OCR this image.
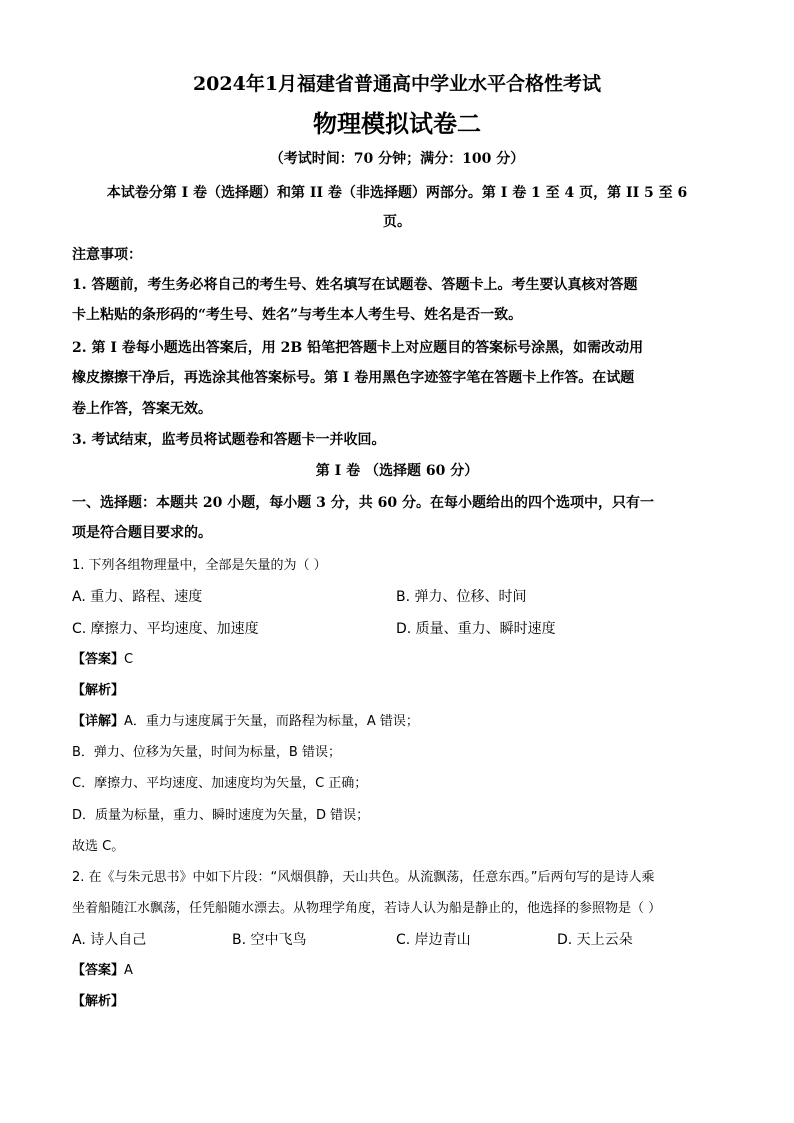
2024年1月福建省普通高中学业水平合格性考试
物理模拟试卷二
（考试时间：70 分钟；满分：100 分）
本试卷分第 I 卷（选择题）和第 II 卷（非选择题）两部分。第 I 卷 1 至 4 页，第 II 5 至 6
页。
注意事项：
1. 答题前，考生务必将自己的考生号、姓名填写在试题卷、答题卡上。考生要认真核对答题
卡上粘贴的条形码的“考生号、姓名”与考生本人考生号、姓名是否一致。
2. 第 I 卷每小题选出答案后，用 2B 铅笔把答题卡上对应题目的答案标号涂黑，如需改动用
橡皮擦擦干净后，再选涂其他答案标号。第 I 卷用黑色字迹签字笔在答题卡上作答。在试题
卷上作答，答案无效。
3. 考试结束，监考员将试题卷和答题卡一并收回。
第 I 卷 （选择题 60 分）
一、选择题：本题共 20 小题，每小题 3 分，共 60 分。在每小题给出的四个选项中，只有一
项是符合题目要求的。
1. 下列各组物理量中，全部是矢量的为（ ）
A. 重力、路程、速度	B. 弹力、位移、时间
C. 摩擦力、平均速度、加速度	D. 质量、重力、瞬时速度
【答案】C
【解析】
【详解】A．重力与速度属于矢量，而路程为标量，A 错误；
B．弹力、位移为矢量，时间为标量，B 错误；
C．摩擦力、平均速度、加速度均为矢量，C 正确；
D．质量为标量，重力、瞬时速度为矢量，D 错误；
故选 C。
2. 在《与朱元思书》中如下片段：“风烟俱静，天山共色。从流飘荡，任意东西。”后两句写的是诗人乘
坐着船随江水飘荡，任凭船随水漂去。从物理学角度，若诗人认为船是静止的，他选择的参照物是（ ）
A. 诗人自己	B. 空中飞鸟	C. 岸边青山	D. 天上云朵
【答案】A
【解析】
